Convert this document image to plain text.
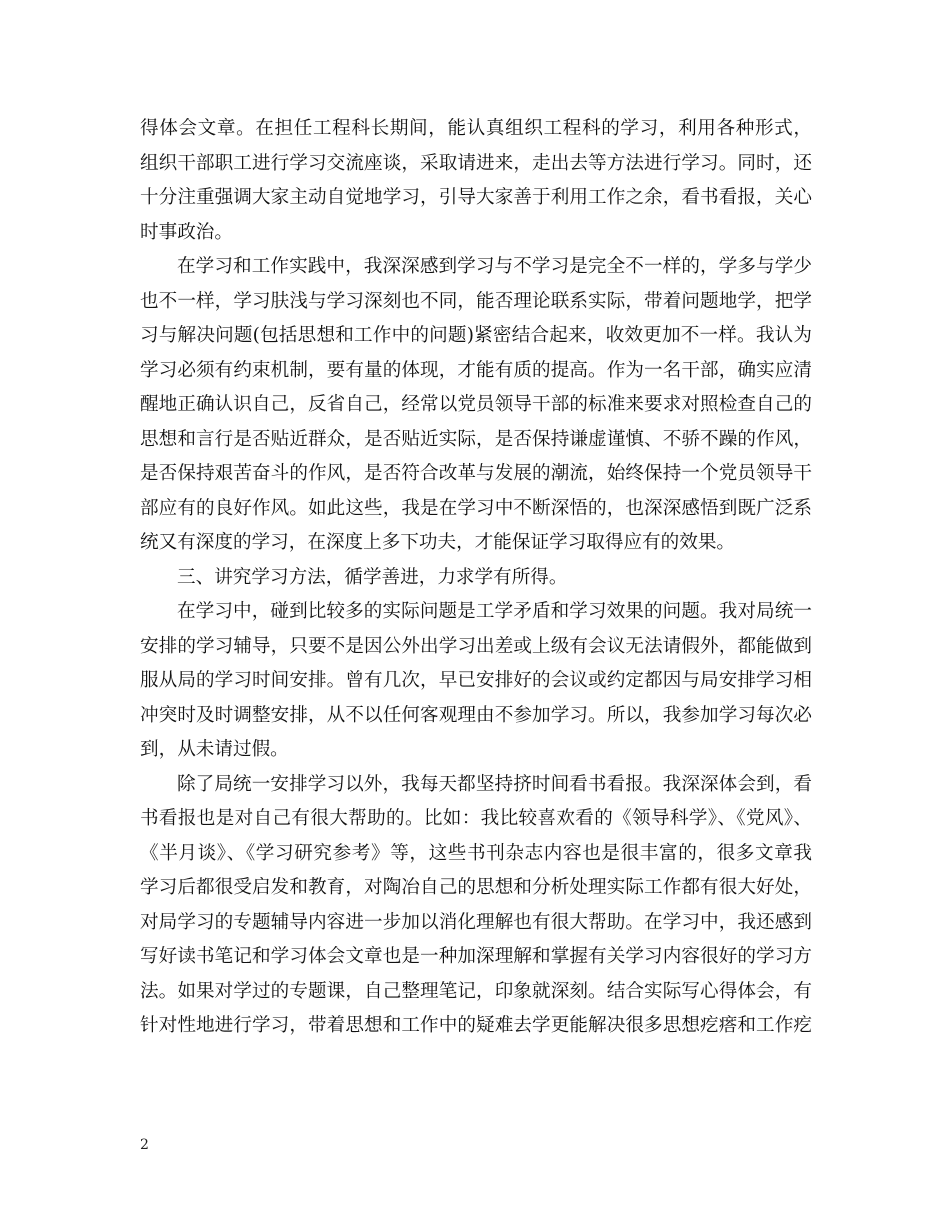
得体会文章。在担任工程科长期间，能认真组织工程科的学习，利用各种形式，
组织干部职工进行学习交流座谈，采取请进来，走出去等方法进行学习。同时，还
十分注重强调大家主动自觉地学习，引导大家善于利用工作之余，看书看报，关心
时事政治。
在学习和工作实践中，我深深感到学习与不学习是完全不一样的，学多与学少
也不一样，学习肤浅与学习深刻也不同，能否理论联系实际，带着问题地学，把学
习与解决问题(包括思想和工作中的问题)紧密结合起来，收效更加不一样。我认为
学习必须有约束机制，要有量的体现，才能有质的提高。作为一名干部，确实应清
醒地正确认识自己，反省自己，经常以党员领导干部的标准来要求对照检查自己的
思想和言行是否贴近群众，是否贴近实际，是否保持谦虚谨慎、不骄不躁的作风，
是否保持艰苦奋斗的作风，是否符合改革与发展的潮流，始终保持一个党员领导干
部应有的良好作风。如此这些，我是在学习中不断深悟的，也深深感悟到既广泛系
统又有深度的学习，在深度上多下功夫，才能保证学习取得应有的效果。
三、讲究学习方法，循学善进，力求学有所得。
在学习中，碰到比较多的实际问题是工学矛盾和学习效果的问题。我对局统一
安排的学习辅导，只要不是因公外出学习出差或上级有会议无法请假外，都能做到
服从局的学习时间安排。曾有几次，早已安排好的会议或约定都因与局安排学习相
冲突时及时调整安排，从不以任何客观理由不参加学习。所以，我参加学习每次必
到，从未请过假。
除了局统一安排学习以外，我每天都坚持挤时间看书看报。我深深体会到，看
书看报也是对自己有很大帮助的。比如：我比较喜欢看的《领导科学》、《党风》、
《半月谈》、《学习研究参考》等，这些书刊杂志内容也是很丰富的，很多文章我
学习后都很受启发和教育，对陶冶自己的思想和分析处理实际工作都有很大好处，
对局学习的专题辅导内容进一步加以消化理解也有很大帮助。在学习中，我还感到
写好读书笔记和学习体会文章也是一种加深理解和掌握有关学习内容很好的学习方
法。如果对学过的专题课，自己整理笔记，印象就深刻。结合实际写心得体会，有
针对性地进行学习，带着思想和工作中的疑难去学更能解决很多思想疙瘩和工作疙
2
